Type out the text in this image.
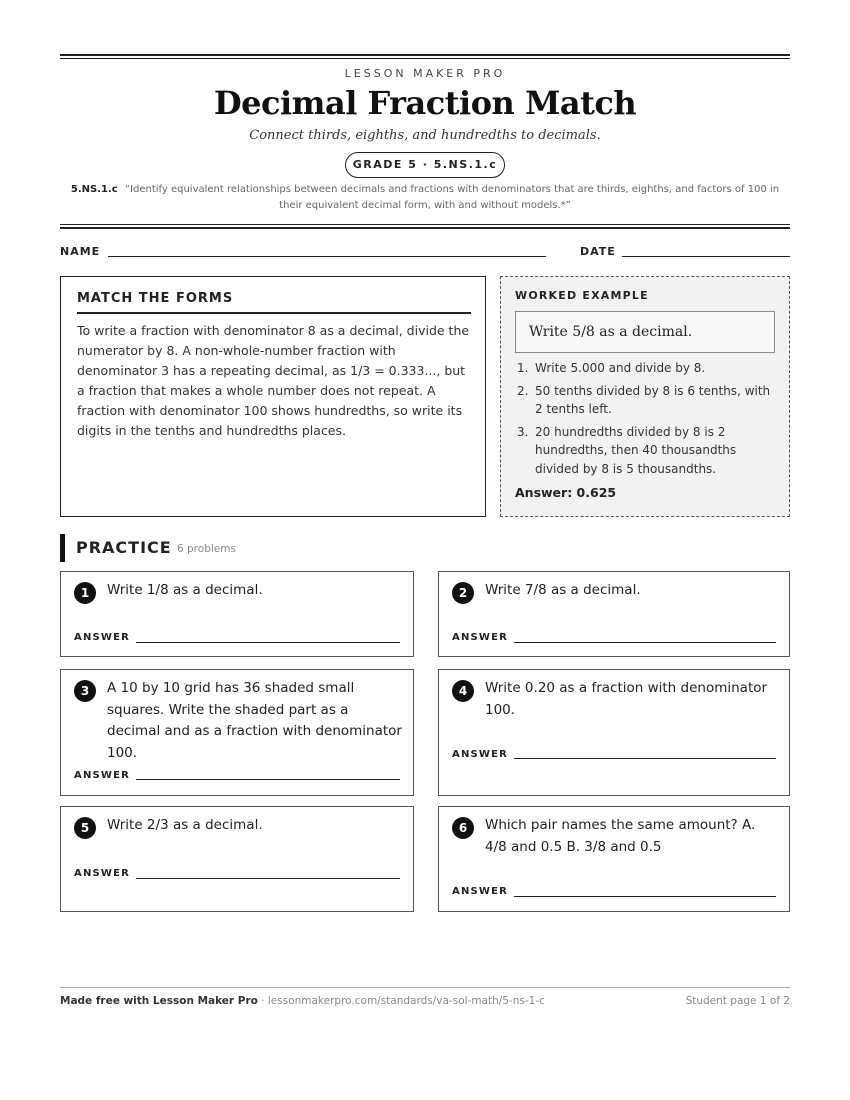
LESSON MAKER PRO
Decimal Fraction Match
Connect thirds, eighths, and hundredths to decimals.
GRADE 5 · 5.NS.1.c
5.NS.1.c “Identify equivalent relationships between decimals and fractions with denominators that are thirds, eighths, and factors of 100 in their equivalent decimal form, with and without models.*”
NAME	DATE
MATCH THE FORMS
To write a fraction with denominator 8 as a decimal, divide the numerator by 8. A non-whole-number fraction with denominator 3 has a repeating decimal, as 1/3 = 0.333..., but a fraction that makes a whole number does not repeat. A fraction with denominator 100 shows hundredths, so write its digits in the tenths and hundredths places.
WORKED EXAMPLE
Write 5/8 as a decimal.
1. Write 5.000 and divide by 8.
2. 50 tenths divided by 8 is 6 tenths, with 2 tenths left.
3. 20 hundredths divided by 8 is 2 hundredths, then 40 thousandths divided by 8 is 5 thousandths.
Answer: 0.625
PRACTICE 6 problems
1	Write 1/8 as a decimal.
ANSWER
2	Write 7/8 as a decimal.
ANSWER
3	A 10 by 10 grid has 36 shaded small squares. Write the shaded part as a decimal and as a fraction with denominator 100.
ANSWER
4	Write 0.20 as a fraction with denominator 100.
ANSWER
5	Write 2/3 as a decimal.
ANSWER
6	Which pair names the same amount? A. 4/8 and 0.5 B. 3/8 and 0.5
ANSWER
Made free with Lesson Maker Pro · lessonmakerpro.com/standards/va-sol-math/5-ns-1-c	Student page 1 of 2
